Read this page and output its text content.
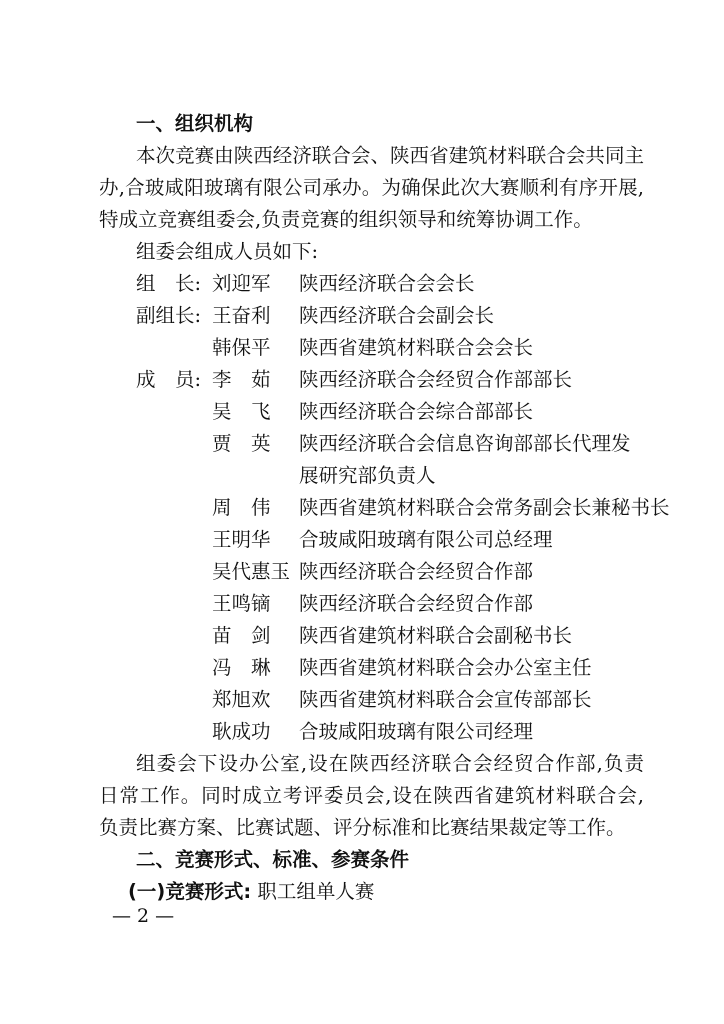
一、组织机构
本次竞赛由陕西经济联合会、陕西省建筑材料联合会共同主
办,合玻咸阳玻璃有限公司承办。为确保此次大赛顺利有序开展,
特成立竞赛组委会,负责竞赛的组织领导和统筹协调工作。
组委会组成人员如下:
组　长: 刘迎军	陕西经济联合会会长
副组长: 王奋利	陕西经济联合会副会长
韩保平	陕西省建筑材料联合会会长
成　员: 李　茹	陕西经济联合会经贸合作部部长
吴　飞	陕西经济联合会综合部部长
贾　英	陕西经济联合会信息咨询部部长代理发
展研究部负责人
周　伟	陕西省建筑材料联合会常务副会长兼秘书长
王明华	合玻咸阳玻璃有限公司总经理
吴代惠玉 陕西经济联合会经贸合作部
王鸣镝	陕西经济联合会经贸合作部
苗　剑	陕西省建筑材料联合会副秘书长
冯　琳	陕西省建筑材料联合会办公室主任
郑旭欢	陕西省建筑材料联合会宣传部部长
耿成功	合玻咸阳玻璃有限公司经理
组委会下设办公室,设在陕西经济联合会经贸合作部,负责
日常工作。同时成立考评委员会,设在陕西省建筑材料联合会,
负责比赛方案、比赛试题、评分标准和比赛结果裁定等工作。
二、竞赛形式、标准、参赛条件
(一)竞赛形式: 职工组单人赛
— 2 —
